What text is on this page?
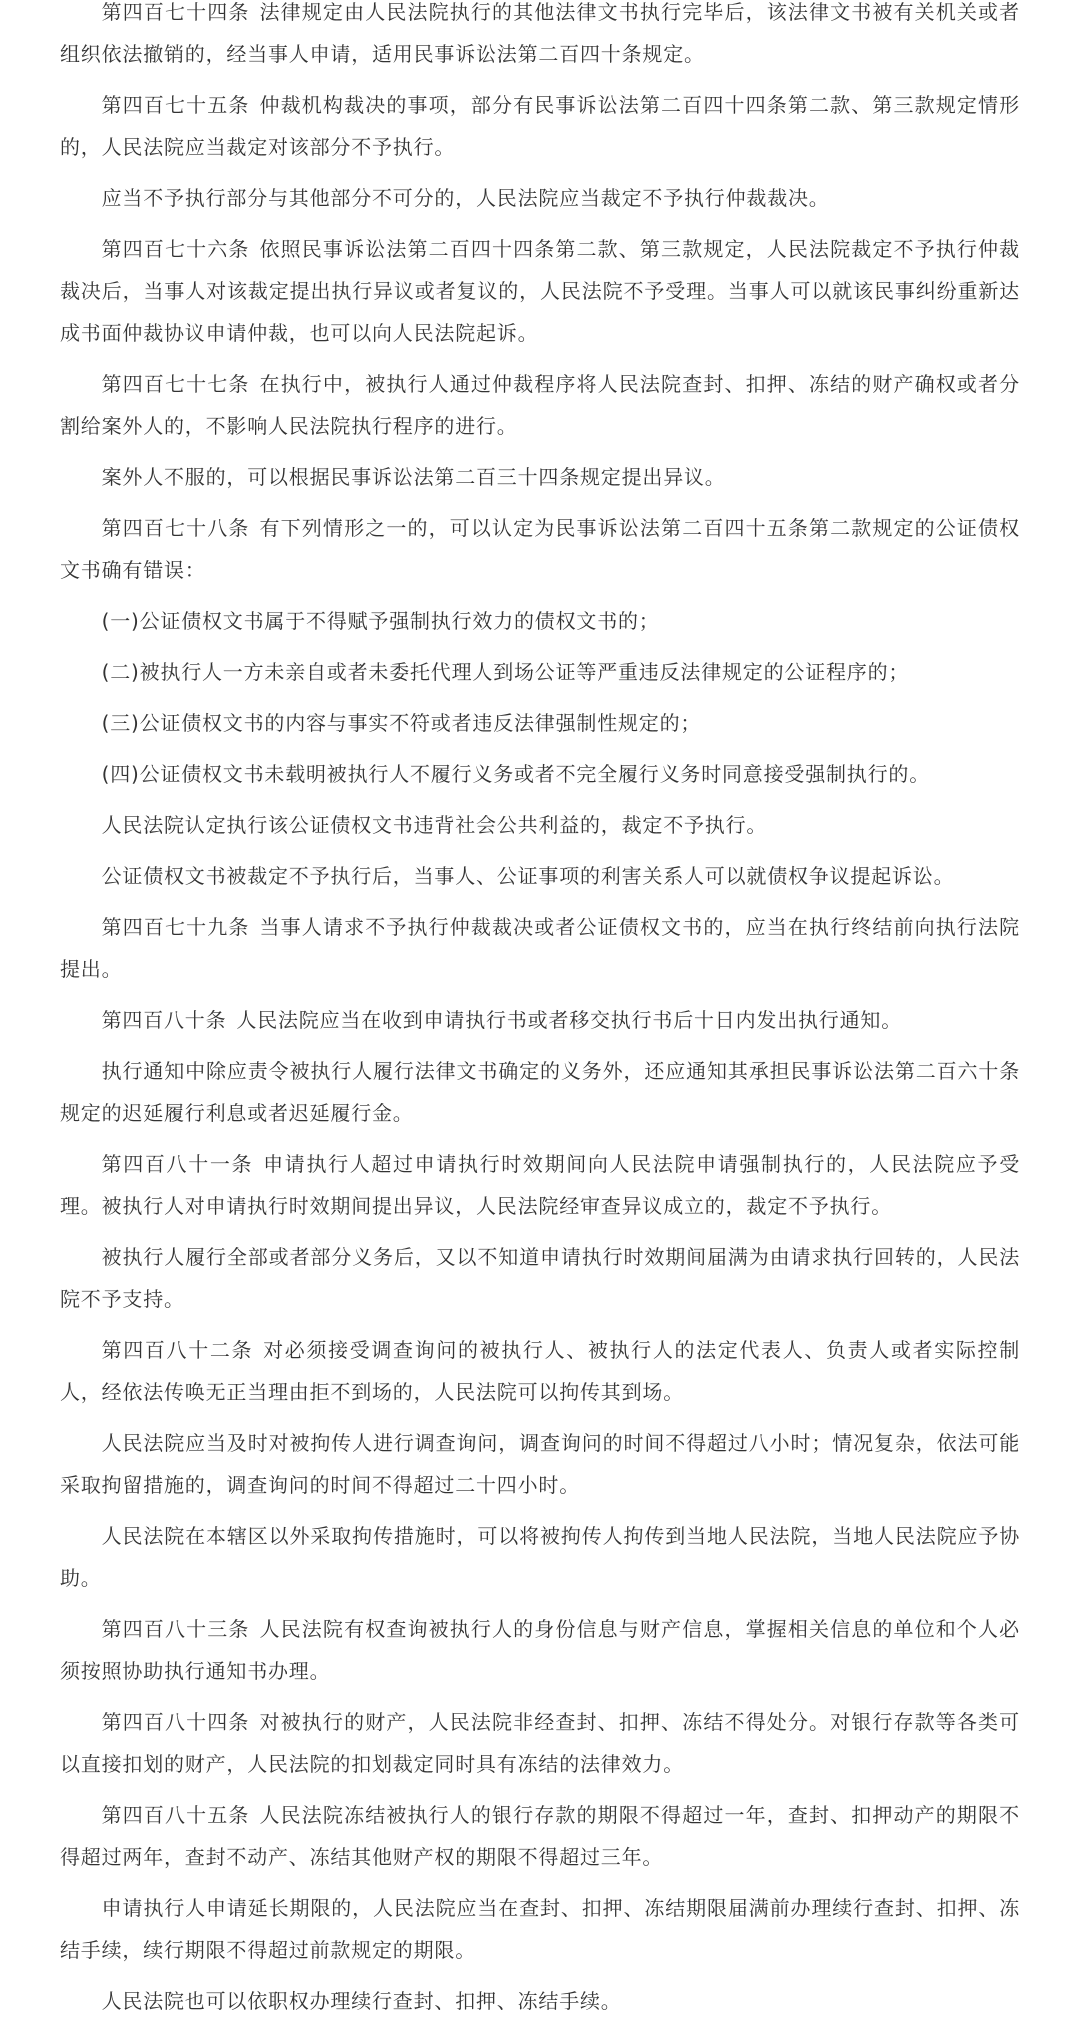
第四百七十四条 法律规定由人民法院执行的其他法律文书执行完毕后，该法律文书被有关机关或者组织依法撤销的，经当事人申请，适用民事诉讼法第二百四十条规定。

第四百七十五条 仲裁机构裁决的事项，部分有民事诉讼法第二百四十四条第二款、第三款规定情形的，人民法院应当裁定对该部分不予执行。

应当不予执行部分与其他部分不可分的，人民法院应当裁定不予执行仲裁裁决。

第四百七十六条 依照民事诉讼法第二百四十四条第二款、第三款规定，人民法院裁定不予执行仲裁裁决后，当事人对该裁定提出执行异议或者复议的，人民法院不予受理。当事人可以就该民事纠纷重新达成书面仲裁协议申请仲裁，也可以向人民法院起诉。

第四百七十七条 在执行中，被执行人通过仲裁程序将人民法院查封、扣押、冻结的财产确权或者分割给案外人的，不影响人民法院执行程序的进行。

案外人不服的，可以根据民事诉讼法第二百三十四条规定提出异议。

第四百七十八条 有下列情形之一的，可以认定为民事诉讼法第二百四十五条第二款规定的公证债权文书确有错误：

(一)公证债权文书属于不得赋予强制执行效力的债权文书的；

(二)被执行人一方未亲自或者未委托代理人到场公证等严重违反法律规定的公证程序的；

(三)公证债权文书的内容与事实不符或者违反法律强制性规定的；

(四)公证债权文书未载明被执行人不履行义务或者不完全履行义务时同意接受强制执行的。

人民法院认定执行该公证债权文书违背社会公共利益的，裁定不予执行。

公证债权文书被裁定不予执行后，当事人、公证事项的利害关系人可以就债权争议提起诉讼。

第四百七十九条 当事人请求不予执行仲裁裁决或者公证债权文书的，应当在执行终结前向执行法院提出。

第四百八十条 人民法院应当在收到申请执行书或者移交执行书后十日内发出执行通知。

执行通知中除应责令被执行人履行法律文书确定的义务外，还应通知其承担民事诉讼法第二百六十条规定的迟延履行利息或者迟延履行金。

第四百八十一条 申请执行人超过申请执行时效期间向人民法院申请强制执行的，人民法院应予受理。被执行人对申请执行时效期间提出异议，人民法院经审查异议成立的，裁定不予执行。

被执行人履行全部或者部分义务后，又以不知道申请执行时效期间届满为由请求执行回转的，人民法院不予支持。

第四百八十二条 对必须接受调查询问的被执行人、被执行人的法定代表人、负责人或者实际控制人，经依法传唤无正当理由拒不到场的，人民法院可以拘传其到场。

人民法院应当及时对被拘传人进行调查询问，调查询问的时间不得超过八小时；情况复杂，依法可能采取拘留措施的，调查询问的时间不得超过二十四小时。

人民法院在本辖区以外采取拘传措施时，可以将被拘传人拘传到当地人民法院，当地人民法院应予协助。

第四百八十三条 人民法院有权查询被执行人的身份信息与财产信息，掌握相关信息的单位和个人必须按照协助执行通知书办理。

第四百八十四条 对被执行的财产，人民法院非经查封、扣押、冻结不得处分。对银行存款等各类可以直接扣划的财产，人民法院的扣划裁定同时具有冻结的法律效力。

第四百八十五条 人民法院冻结被执行人的银行存款的期限不得超过一年，查封、扣押动产的期限不得超过两年，查封不动产、冻结其他财产权的期限不得超过三年。

申请执行人申请延长期限的，人民法院应当在查封、扣押、冻结期限届满前办理续行查封、扣押、冻结手续，续行期限不得超过前款规定的期限。

人民法院也可以依职权办理续行查封、扣押、冻结手续。
